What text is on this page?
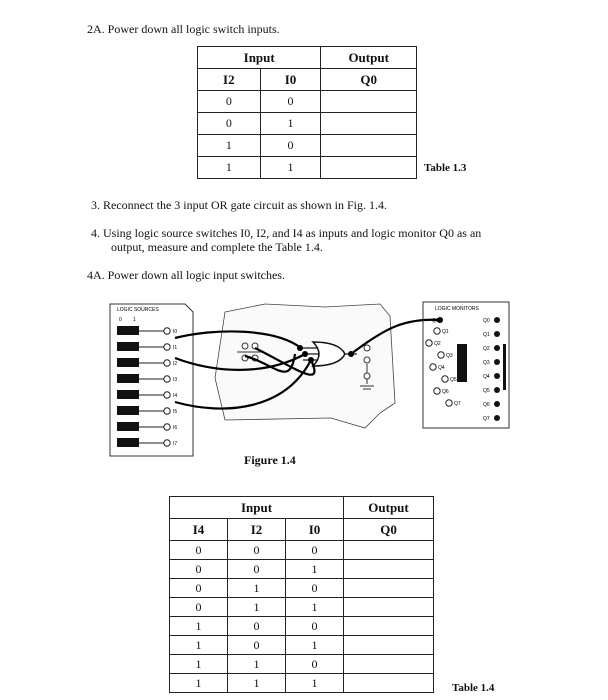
2A. Power down all logic switch inputs.
Input		Output
I2	I0	Q0
0	0	
0	1	
1	0	
1	1		Table 1.3
3. Reconnect the 3 input OR gate circuit as shown in Fig. 1.4.
4. Using logic source switches I0, I2, and I4 as inputs and logic monitor Q0 as an
output, measure and complete the Table 1.4.
4A. Power down all logic input switches.
LOGIC SOURCES
0 1
I0
I1
I2
I3
I4
I5
I6
I7
LOGIC MONITORS
Q0
Q1
Q2
Q3
Q4
Q5
Q6
Q7
Q0
Q1
Q2
Q3
Q4
Q5
Q6
Q7
Figure 1.4
Input			Output
I4	I2	I0	Q0
0	0	0	
0	0	1	
0	1	0	
0	1	1	
1	0	0	
1	0	1	
1	1	0	
1	1	1		Table 1.4
